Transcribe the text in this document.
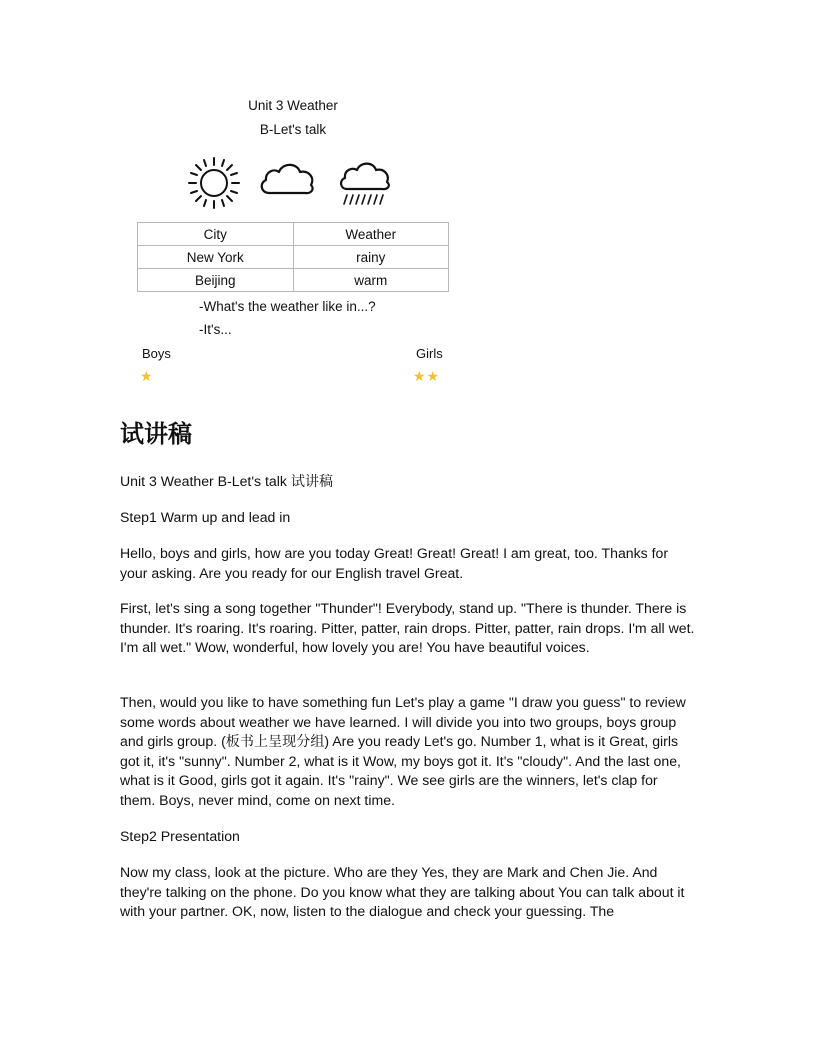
Unit 3 Weather
B-Let's talk
City	Weather
New York	rainy
Beijing	warm
-What's the weather like in...?
-It's...
Boys	Girls
★	★★
试讲稿
Unit 3 Weather B-Let's talk 试讲稿
Step1 Warm up and lead in
Hello, boys and girls, how are you today Great! Great! Great! I am great, too. Thanks for your asking. Are you ready for our English travel Great.
First, let's sing a song together "Thunder"! Everybody, stand up. "There is thunder. There is thunder. It's roaring. It's roaring. Pitter, patter, rain drops. Pitter, patter, rain drops. I'm all wet. I'm all wet." Wow, wonderful, how lovely you are! You have beautiful voices.
Then, would you like to have something fun Let's play a game "I draw you guess" to review some words about weather we have learned. I will divide you into two groups, boys group and girls group. (板书上呈现分组) Are you ready Let's go. Number 1, what is it Great, girls got it, it's "sunny". Number 2, what is it Wow, my boys got it. It's "cloudy". And the last one, what is it Good, girls got it again. It's "rainy". We see girls are the winners, let's clap for them. Boys, never mind, come on next time.
Step2 Presentation
Now my class, look at the picture. Who are they Yes, they are Mark and Chen Jie. And they're talking on the phone. Do you know what they are talking about You can talk about it with your partner. OK, now, listen to the dialogue and check your guessing. The
